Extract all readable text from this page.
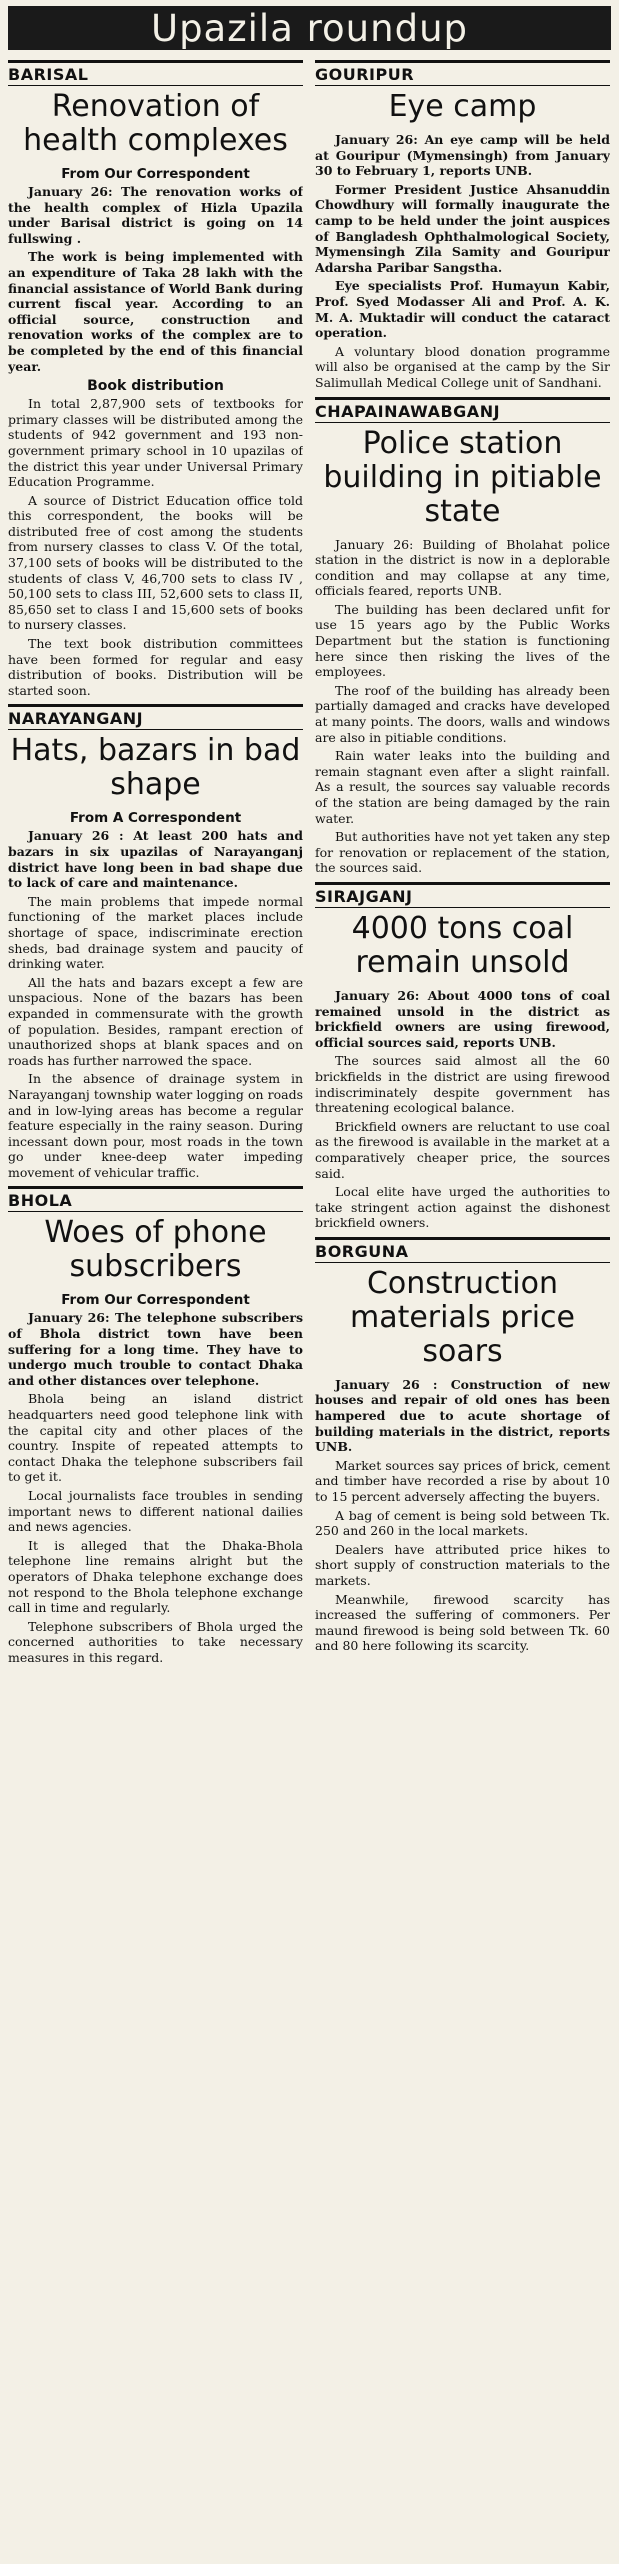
Upazila roundup
BARISAL
Renovation of health complexes
From Our Correspondent

January 26: The renovation works of the health complex of Hizla Upazila under Barisal district is going on 14 fullswing .

The work is being implemented with an expenditure of Taka 28 lakh with the financial assistance of World Bank during current fiscal year. According to an official source, construction and renovation works of the complex are to be completed by the end of this financial year.

Book distribution

In total 2,87,900 sets of textbooks for primary classes will be distributed among the students of 942 government and 193 non-government primary school in 10 upazilas of the district this year under Universal Primary Education Programme.

A source of District Education office told this correspondent, the books will be distributed free of cost among the students from nursery classes to class V. Of the total, 37,100 sets of books will be distributed to the students of class V, 46,700 sets to class IV , 50,100 sets to class III, 52,600 sets to class II, 85,650 set to class I and 15,600 sets of books to nursery classes.

The text book distribution committees have been formed for regular and easy distribution of books. Distribution will be started soon.

NARAYANGANJ
Hats, bazars in bad shape
From A Correspondent

January 26 : At least 200 hats and bazars in six upazilas of Narayanganj district have long been in bad shape due to lack of care and maintenance.

The main problems that impede normal functioning of the market places include shortage of space, indiscriminate erection sheds, bad drainage system and paucity of drinking water.

All the hats and bazars except a few are unspacious. None of the bazars has been expanded in commensurate with the growth of population. Besides, rampant erection of unauthorized shops at blank spaces and on roads has further narrowed the space.

In the absence of drainage system in Narayanganj township water logging on roads and in low-lying areas has become a regular feature especially in the rainy season. During incessant down pour, most roads in the town go under knee-deep water impeding movement of vehicular traffic.

BHOLA
Woes of phone subscribers
From Our Correspondent

January 26: The telephone subscribers of Bhola district town have been suffering for a long time. They have to undergo much trouble to contact Dhaka and other distances over telephone.

Bhola being an island district headquarters need good telephone link with the capital city and other places of the country. Inspite of repeated attempts to contact Dhaka the telephone subscribers fail to get it.

Local journalists face troubles in sending important news to different national dailies and news agencies.

It is alleged that the Dhaka-Bhola telephone line remains alright but the operators of Dhaka telephone exchange does not respond to the Bhola telephone exchange call in time and regularly.

Telephone subscribers of Bhola urged the concerned authorities to take necessary measures in this regard.

GOURIPUR
Eye camp

January 26: An eye camp will be held at Gouripur (Mymensingh) from January 30 to February 1, reports UNB.

Former President Justice Ahsanuddin Chowdhury will formally inaugurate the camp to be held under the joint auspices of Bangladesh Ophthalmological Society, Mymensingh Zila Samity and Gouripur Adarsha Paribar Sangstha.

Eye specialists Prof. Humayun Kabir, Prof. Syed Modasser Ali and Prof. A. K. M. A. Muktadir will conduct the cataract operation.

A voluntary blood donation programme will also be organised at the camp by the Sir Salimullah Medical College unit of Sandhani.

CHAPAINAWABGANJ
Police station building in pitiable state

January 26: Building of Bholahat police station in the district is now in a deplorable condition and may collapse at any time, officials feared, reports UNB.

The building has been declared unfit for use 15 years ago by the Public Works Department but the station is functioning here since then risking the lives of the employees.

The roof of the building has already been partially damaged and cracks have developed at many points. The doors, walls and windows are also in pitiable conditions.

Rain water leaks into the building and remain stagnant even after a slight rainfall. As a result, the sources say valuable records of the station are being damaged by the rain water.

But authorities have not yet taken any step for renovation or replacement of the station, the sources said.

SIRAJGANJ
4000 tons coal remain unsold

January 26: About 4000 tons of coal remained unsold in the district as brickfield owners are using firewood, official sources said, reports UNB.

The sources said almost all the 60 brickfields in the district are using firewood indiscriminately despite government has threatening ecological balance.

Brickfield owners are reluctant to use coal as the firewood is available in the market at a comparatively cheaper price, the sources said.

Local elite have urged the authorities to take stringent action against the dishonest brickfield owners.

BORGUNA
Construction materials price soars

January 26 : Construction of new houses and repair of old ones has been hampered due to acute shortage of building materials in the district, reports UNB.

Market sources say prices of brick, cement and timber have recorded a rise by about 10 to 15 percent adversely affecting the buyers.

A bag of cement is being sold between Tk. 250 and 260 in the local markets.

Dealers have attributed price hikes to short supply of construction materials to the markets.

Meanwhile, firewood scarcity has increased the suffering of commoners. Per maund firewood is being sold between Tk. 60 and 80 here following its scarcity.
